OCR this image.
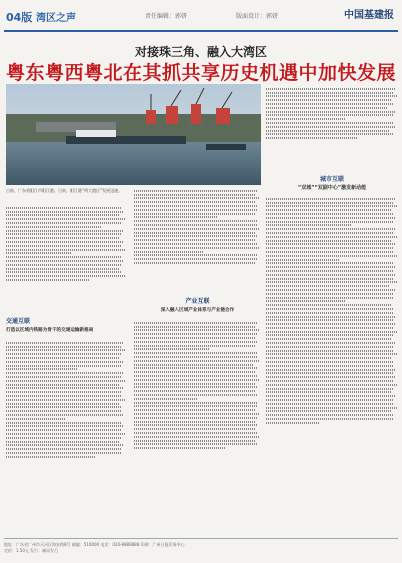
04版 湾区之声	责任编辑：郭妍	版面设计：郭妍	中国基建报
对接珠三角、融入大湾区
粤东粤西粤北在其抓共享历史机遇中加快发展
日前，广东省阳江市阳江港。日前，阳江港“两大港区”发展迅速。
城市互联
“双城”“双副中心”激发新动能
交通互联
打造以区域内铁路为骨干的交通运输新格局
产业互联
深入融入区域产业体系与产业链合作
地址：广东省广州市天河区海安路8号 邮编：510000 电话：020-8888888 印刷：广州日报印务中心
定价：1.50元 发行：邮局发行
